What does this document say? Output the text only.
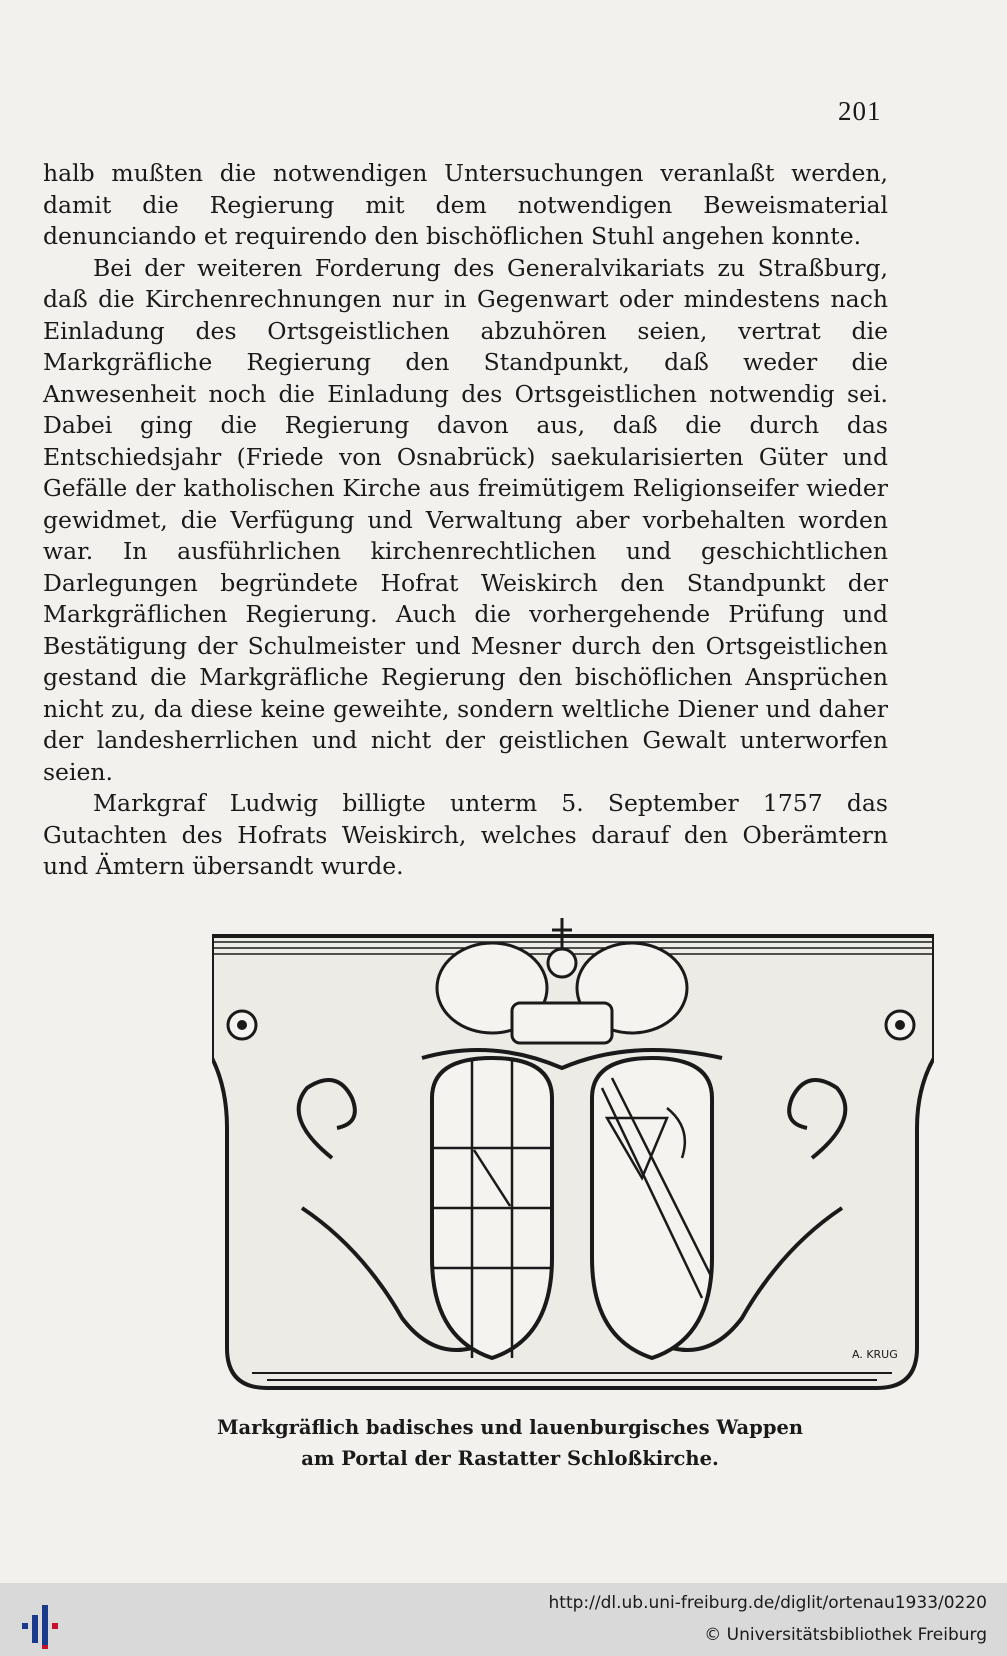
201

halb mußten die notwendigen Untersuchungen veranlaßt werden, damit die Regierung mit dem notwendigen Beweismaterial denunciando et requirendo den bischöflichen Stuhl angehen konnte.

Bei der weiteren Forderung des Generalvikariats zu Straßburg, daß die Kirchenrechnungen nur in Gegenwart oder mindestens nach Einladung des Ortsgeistlichen abzuhören seien, vertrat die Markgräfliche Regierung den Standpunkt, daß weder die Anwesenheit noch die Einladung des Ortsgeistlichen notwendig sei. Dabei ging die Regierung davon aus, daß die durch das Entschiedsjahr (Friede von Osnabrück) saekularisierten Güter und Gefälle der katholischen Kirche aus freimütigem Religionseifer wieder gewidmet, die Verfügung und Verwaltung aber vorbehalten worden war. In ausführlichen kirchenrechtlichen und geschichtlichen Darlegungen begründete Hofrat Weiskirch den Standpunkt der Markgräflichen Regierung. Auch die vorhergehende Prüfung und Bestätigung der Schulmeister und Mesner durch den Ortsgeistlichen gestand die Markgräfliche Regierung den bischöflichen Ansprüchen nicht zu, da diese keine geweihte, sondern weltliche Diener und daher der landesherrlichen und nicht der geistlichen Gewalt unterworfen seien.

Markgraf Ludwig billigte unterm 5. September 1757 das Gutachten des Hofrats Weiskirch, welches darauf den Oberämtern und Ämtern übersandt wurde.

A. KRUG
Markgräflich badisches und lauenburgisches Wappen
am Portal der Rastatter Schloßkirche.
http://dl.ub.uni-freiburg.de/diglit/ortenau1933/0220
© Universitätsbibliothek Freiburg
